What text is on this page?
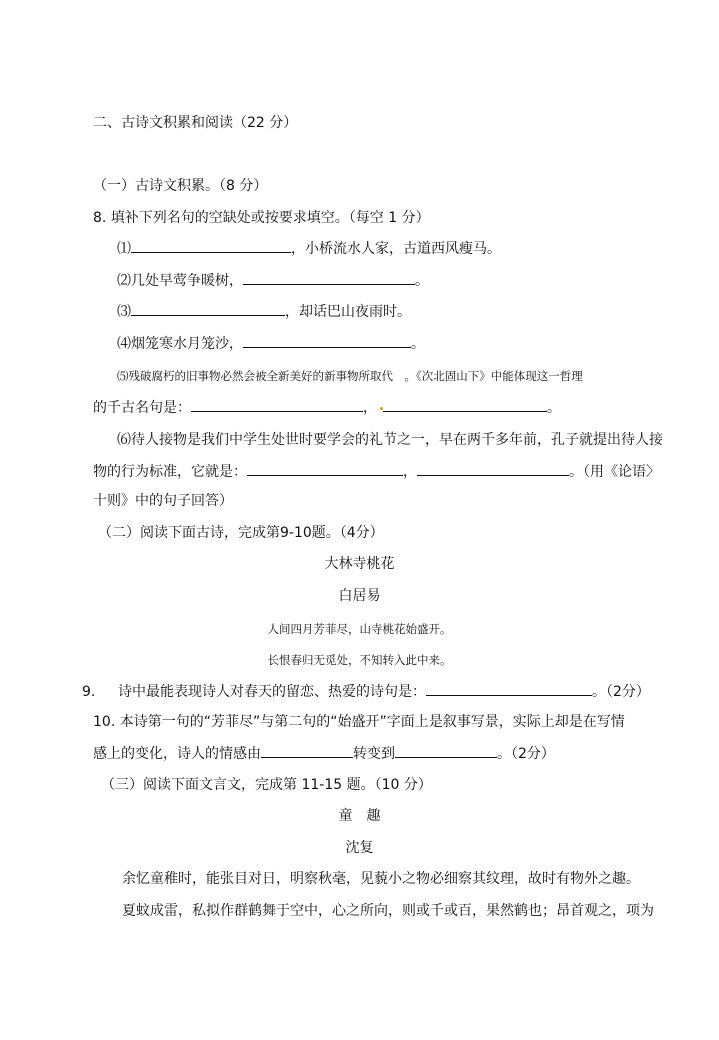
二、古诗文积累和阅读（22 分）
（一）古诗文积累。（8 分）
8. 填补下列名句的空缺处或按要求填空。（每空 1 分）
⑴	，小桥流水人家，古道西风瘦马。
⑵几处早莺争暖树，	。
⑶	，却话巴山夜雨时。
⑷烟笼寒水月笼沙，	。
⑸残破腐朽的旧事物必然会被全新美好的新事物所取代　。《次北固山下》中能体现这一哲理
的千古名句是：	，	。
⑹待人接物是我们中学生处世时要学会的礼节之一，早在两千多年前，孔子就提出待人接
物的行为标准，它就是：	，	。（用《论语〉
十则》中的句子回答）
（二）阅读下面古诗，完成第9-10题。（4分）
大林寺桃花
白居易
人间四月芳菲尽，山寺桃花始盛开。
长恨春归无觅处，不知转入此中来。
9. 诗中最能表现诗人对春天的留恋、热爱的诗句是：	。（2分）
10. 本诗第一句的“芳菲尽”与第二句的“始盛开”字面上是叙事写景，实际上却是在写情
感上的变化，诗人的情感由	转变到	。（2分）
（三）阅读下面文言文，完成第 11-15 题。（10 分）
童　趣
沈复
余忆童稚时，能张目对日，明察秋毫，见藐小之物必细察其纹理，故时有物外之趣。
夏蚊成雷，私拟作群鹤舞于空中，心之所向，则或千或百，果然鹤也；昂首观之，项为
